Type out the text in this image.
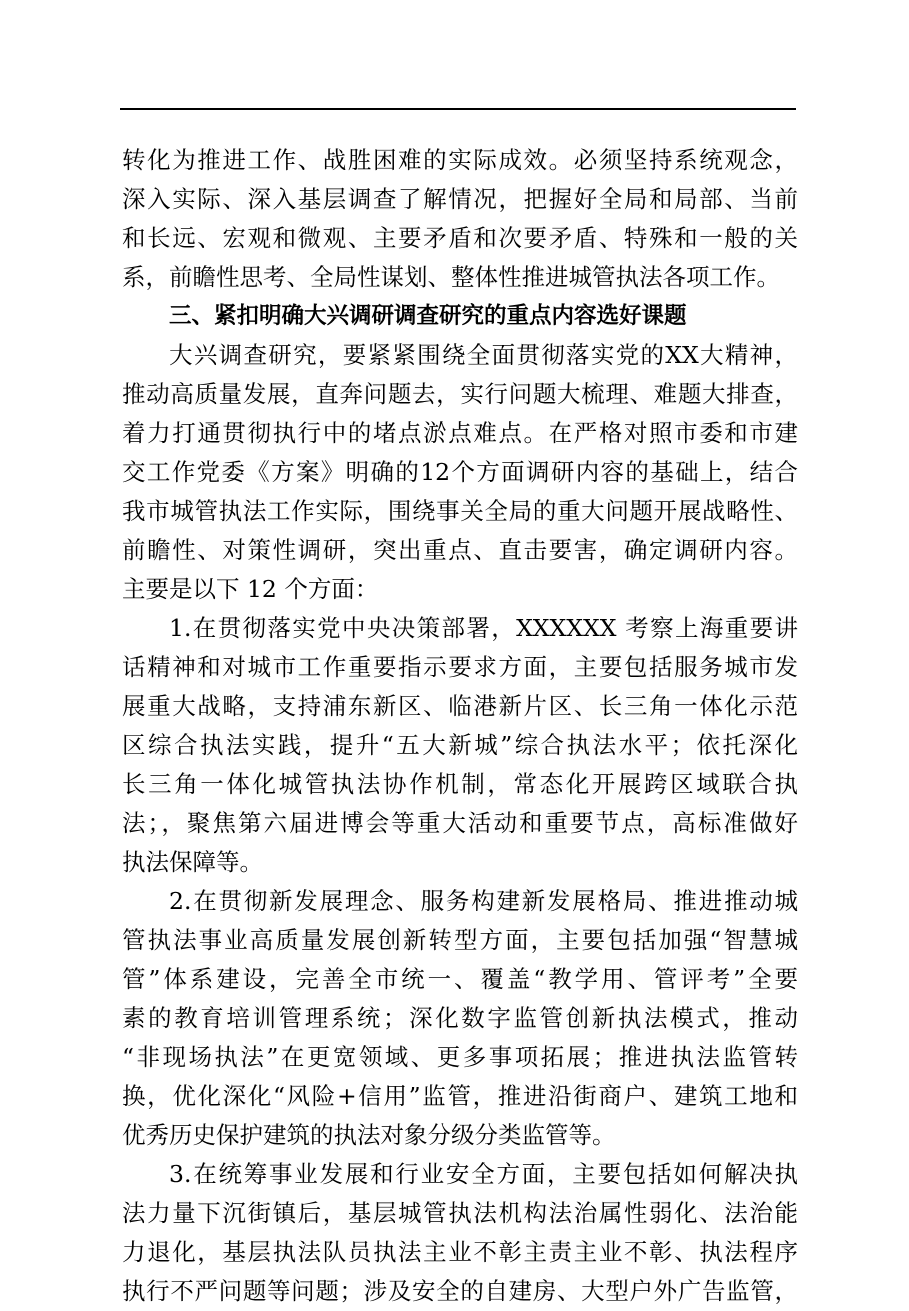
转化为推进工作、战胜困难的实际成效。必须坚持系统观念，
深入实际、深入基层调查了解情况，把握好全局和局部、当前
和长远、宏观和微观、主要矛盾和次要矛盾、特殊和一般的关
系，前瞻性思考、全局性谋划、整体性推进城管执法各项工作。
三、紧扣明确大兴调研调查研究的重点内容选好课题
大兴调查研究，要紧紧围绕全面贯彻落实党的XX大精神，
推动高质量发展，直奔问题去，实行问题大梳理、难题大排查，
着力打通贯彻执行中的堵点淤点难点。在严格对照市委和市建
交工作党委《方案》明确的12个方面调研内容的基础上，结合
我市城管执法工作实际，围绕事关全局的重大问题开展战略性、
前瞻性、对策性调研，突出重点、直击要害，确定调研内容。
主要是以下 12 个方面：
1.在贯彻落实党中央决策部署，XXXXXX 考察上海重要讲
话精神和对城市工作重要指示要求方面，主要包括服务城市发
展重大战略，支持浦东新区、临港新片区、长三角一体化示范
区综合执法实践，提升“五大新城”综合执法水平；依托深化
长三角一体化城管执法协作机制，常态化开展跨区域联合执
法；，聚焦第六届进博会等重大活动和重要节点，高标准做好
执法保障等。
2.在贯彻新发展理念、服务构建新发展格局、推进推动城
管执法事业高质量发展创新转型方面，主要包括加强“智慧城
管”体系建设，完善全市统一、覆盖“教学用、管评考”全要
素的教育培训管理系统；深化数字监管创新执法模式，推动
“非现场执法”在更宽领域、更多事项拓展；推进执法监管转
换，优化深化“风险+信用”监管，推进沿街商户、建筑工地和
优秀历史保护建筑的执法对象分级分类监管等。
3.在统筹事业发展和行业安全方面，主要包括如何解决执
法力量下沉街镇后，基层城管执法机构法治属性弱化、法治能
力退化，基层执法队员执法主业不彰主责主业不彰、执法程序
执行不严问题等问题；涉及安全的自建房、大型户外广告监管，
